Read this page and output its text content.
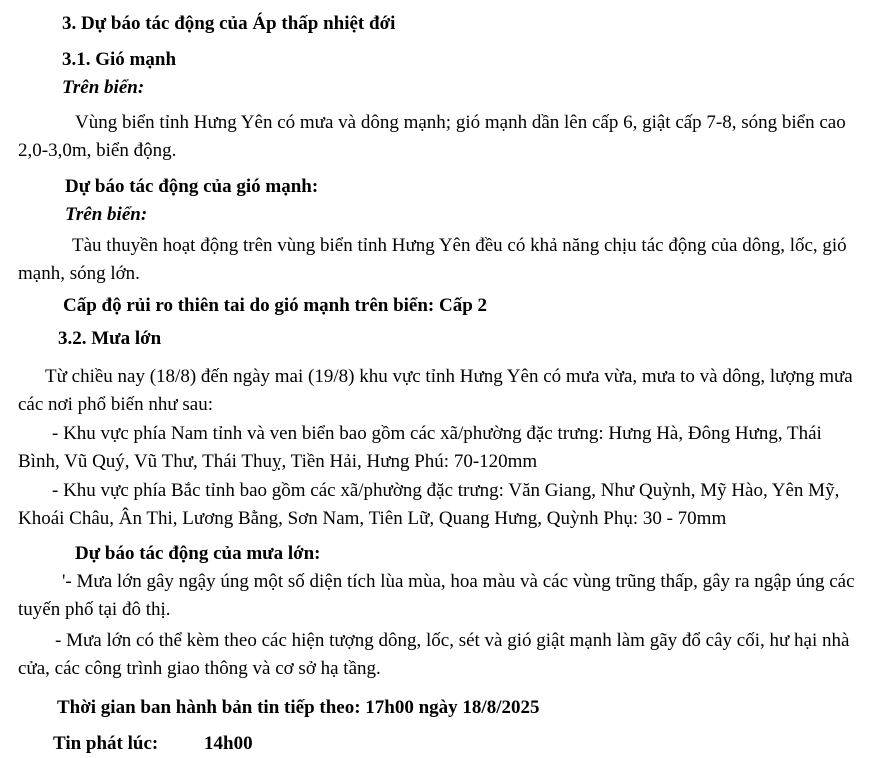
3. Dự báo tác động của Áp thấp nhiệt đới

3.1. Gió mạnh

Trên biển:

Vùng biển tỉnh Hưng Yên có mưa và dông mạnh; gió mạnh dần lên cấp 6, giật cấp 7-8, sóng biển cao 2,0-3,0m, biển động.

Dự báo tác động của gió mạnh:

Trên biển:

Tàu thuyền hoạt động trên vùng biển tỉnh Hưng Yên đều có khả năng chịu tác động của dông, lốc, gió mạnh, sóng lớn.

Cấp độ rủi ro thiên tai do gió mạnh trên biển: Cấp 2

3.2. Mưa lớn

Từ chiều nay (18/8) đến ngày mai (19/8) khu vực tỉnh Hưng Yên có mưa vừa, mưa to và dông, lượng mưa các nơi phổ biến như sau:

- Khu vực phía Nam tỉnh và ven biển bao gồm các xã/phường đặc trưng: Hưng Hà, Đông Hưng, Thái Bình, Vũ Quý, Vũ Thư, Thái Thuỵ, Tiền Hải, Hưng Phú: 70-120mm

- Khu vực phía Bắc tỉnh bao gồm các xã/phường đặc trưng: Văn Giang, Như Quỳnh, Mỹ Hào, Yên Mỹ, Khoái Châu, Ân Thi, Lương Bằng, Sơn Nam, Tiên Lữ, Quang Hưng, Quỳnh Phụ: 30 - 70mm

Dự báo tác động của mưa lớn:

'- Mưa lớn gây ngậy úng một số diện tích lùa mùa, hoa màu và các vùng trũng thấp, gây ra ngập úng các tuyến phố tại đô thị.

- Mưa lớn có thể kèm theo các hiện tượng dông, lốc, sét và gió giật mạnh làm gãy đổ cây cối, hư hại nhà cửa, các công trình giao thông và cơ sở hạ tầng.

Thời gian ban hành bản tin tiếp theo: 17h00 ngày 18/8/2025

Tin phát lúc: 14h00
